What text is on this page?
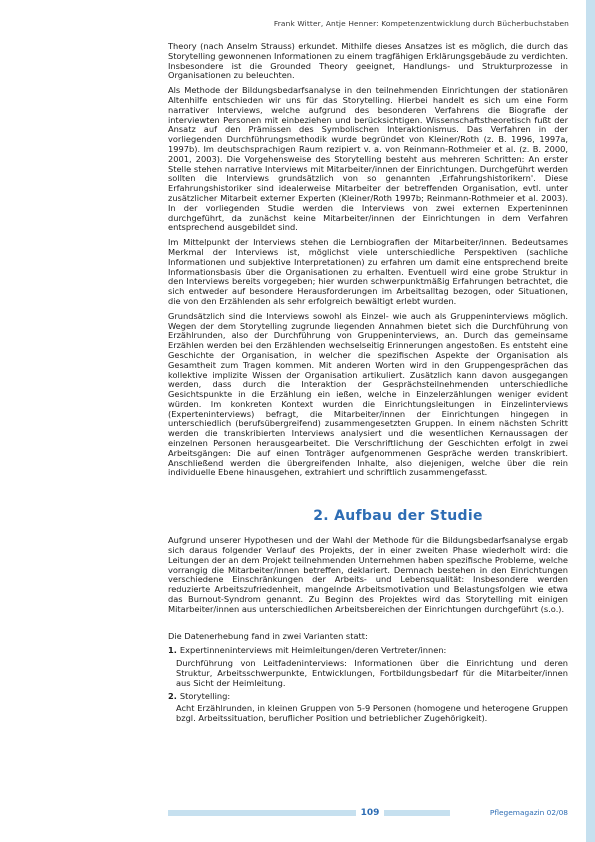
Frank Witter, Antje Henner: Kompetenzentwicklung durch Bücherbuchstaben

Theory (nach Anselm Strauss) erkundet. Mithilfe dieses Ansatzes ist es möglich, die durch das Storytelling gewonnenen Informationen zu einem tragfähigen Erklärungsgebäude zu verdichten. Insbesondere ist die Grounded Theory geeignet, Handlungs- und Strukturprozesse in Organisationen zu beleuchten.

Als Methode der Bildungsbedarfsanalyse in den teilnehmenden Einrichtungen der stationären Altenhilfe entschieden wir uns für das Storytelling. Hierbei handelt es sich um eine Form narrativer Interviews, welche aufgrund des besonderen Verfahrens die Biografie der interviewten Personen mit einbeziehen und berücksichtigen. Wissenschaftstheoretisch fußt der Ansatz auf den Prämissen des Symbolischen Interaktionismus. Das Verfahren in der vorliegenden Durchführungsmethodik wurde begründet von Kleiner/Roth (z. B. 1996, 1997a, 1997b). Im deutschsprachigen Raum rezipiert v. a. von Reinmann-Rothmeier et al. (z. B. 2000, 2001, 2003). Die Vorgehensweise des Storytelling besteht aus mehreren Schritten: An erster Stelle stehen narrative Interviews mit Mitarbeiter/innen der Einrichtungen. Durchgeführt werden sollten die Interviews grundsätzlich von so genannten ‚Erfahrungshistorikern'. Diese Erfahrungshistoriker sind idealerweise Mitarbeiter der betreffenden Organisation, evtl. unter zusätzlicher Mitarbeit externer Experten (Kleiner/Roth 1997b; Reinmann-Rothmeier et al. 2003). In der vorliegenden Studie werden die Interviews von zwei externen Experteninnen durchgeführt, da zunächst keine Mitarbeiter/innen der Einrichtungen in dem Verfahren entsprechend ausgebildet sind.

Im Mittelpunkt der Interviews stehen die Lernbiografien der Mitarbeiter/innen. Bedeutsames Merkmal der Interviews ist, möglichst viele unterschiedliche Perspektiven (sachliche Informationen und subjektive Interpretationen) zu erfahren um damit eine entsprechend breite Informationsbasis über die Organisationen zu erhalten. Eventuell wird eine grobe Struktur in den Interviews bereits vorgegeben; hier wurden schwerpunktmäßig Erfahrungen betrachtet, die sich entweder auf besondere Herausforderungen im Arbeitsalltag bezogen, oder Situationen, die von den Erzählenden als sehr erfolgreich bewältigt erlebt wurden.

Grundsätzlich sind die Interviews sowohl als Einzel- wie auch als Gruppeninterviews möglich. Wegen der dem Storytelling zugrunde liegenden Annahmen bietet sich die Durchführung von Erzählrunden, also der Durchführung von Gruppeninterviews, an. Durch das gemeinsame Erzählen werden bei den Erzählenden wechselseitig Erinnerungen angestoßen. Es entsteht eine Geschichte der Organisation, in welcher die spezifischen Aspekte der Organisation als Gesamtheit zum Tragen kommen. Mit anderen Worten wird in den Gruppengesprächen das kollektive implizite Wissen der Organisation artikuliert. Zusätzlich kann davon ausgegangen werden, dass durch die Interaktion der Gesprächsteilnehmenden unterschiedliche Gesichtspunkte in die Erzählung ein ießen, welche in Einzelerzählungen weniger evident würden. Im konkreten Kontext wurden die Einrichtungsleitungen in Einzelinterviews (Experteninterviews) befragt, die Mitarbeiter/innen der Einrichtungen hingegen in unterschiedlich (berufsübergreifend) zusammengesetzten Gruppen. In einem nächsten Schritt werden die transkribierten Interviews analysiert und die wesentlichen Kernaussagen der einzelnen Personen herausgearbeitet. Die Verschriftlichung der Geschichten erfolgt in zwei Arbeitsgängen: Die auf einen Tonträger aufgenommenen Gespräche werden transkribiert. Anschließend werden die übergreifenden Inhalte, also diejenigen, welche über die rein individuelle Ebene hinausgehen, extrahiert und schriftlich zusammengefasst.

2. Aufbau der Studie

Aufgrund unserer Hypothesen und der Wahl der Methode für die Bildungsbedarfsanalyse ergab sich daraus folgender Verlauf des Projekts, der in einer zweiten Phase wiederholt wird: die Leitungen der an dem Projekt teilnehmenden Unternehmen haben spezifische Probleme, welche vorrangig die Mitarbeiter/innen betreffen, deklariert. Demnach bestehen in den Einrichtungen verschiedene Einschränkungen der Arbeits- und Lebensqualität: Insbesondere werden reduzierte Arbeitszufriedenheit, mangelnde Arbeitsmotivation und Belastungsfolgen wie etwa das Burnout-Syndrom genannt. Zu Beginn des Projektes wird das Storytelling mit einigen Mitarbeiter/innen aus unterschiedlichen Arbeitsbereichen der Einrichtungen durchgeführt (s.o.).

Die Datenerhebung fand in zwei Varianten statt:

1. Expertinneninterviews mit Heimleitungen/deren Vertreter/innen:
Durchführung von Leitfadeninterviews: Informationen über die Einrichtung und deren Struktur, Arbeitsschwerpunkte, Entwicklungen, Fortbildungsbedarf für die Mitarbeiter/innen aus Sicht der Heimleitung.
2. Storytelling:
Acht Erzählrunden, in kleinen Gruppen von 5-9 Personen (homogene und heterogene Gruppen bzgl. Arbeitssituation, beruflicher Position und betrieblicher Zugehörigkeit).
109	Pflegemagazin 02/08
